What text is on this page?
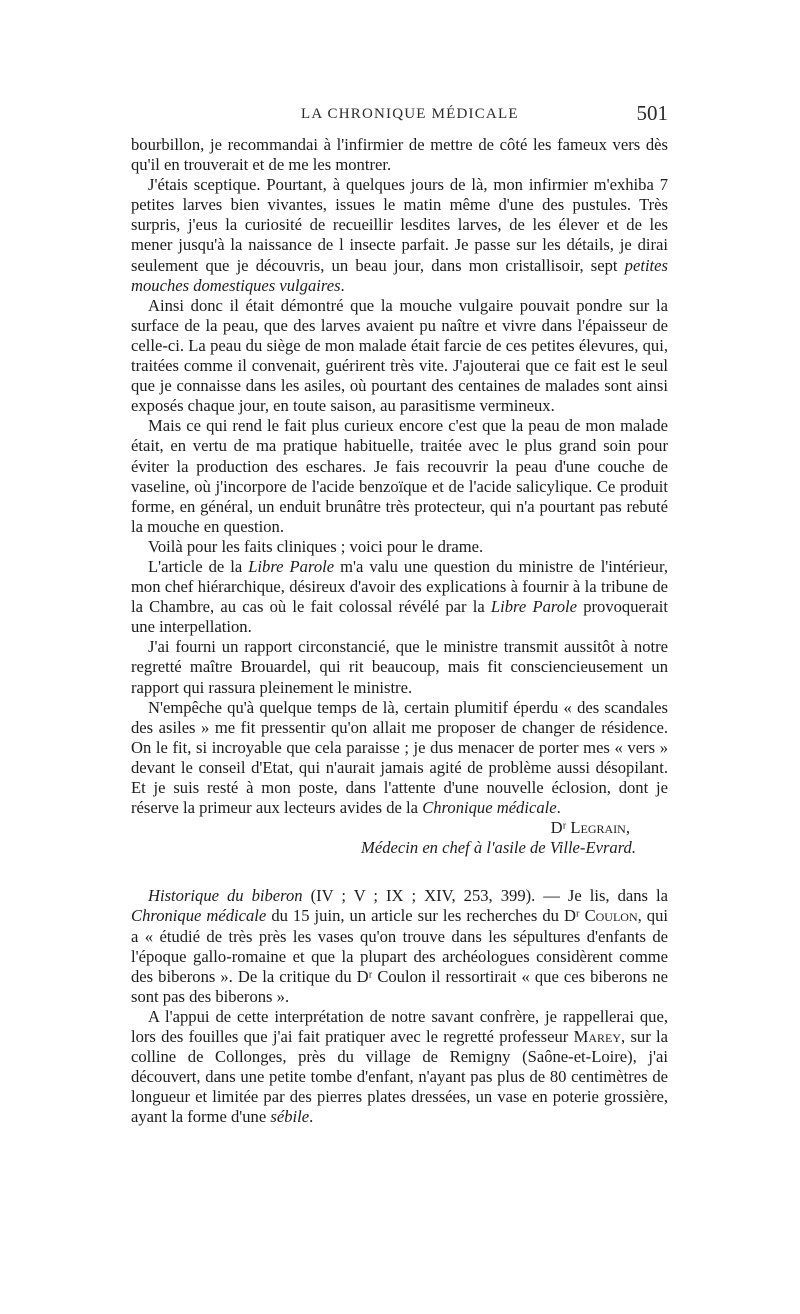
LA CHRONIQUE MÉDICALE	501

bourbillon, je recommandai à l'infirmier de mettre de côté les fameux vers dès qu'il en trouverait et de me les montrer.

J'étais sceptique. Pourtant, à quelques jours de là, mon infirmier m'exhiba 7 petites larves bien vivantes, issues le matin même d'une des pustules. Très surpris, j'eus la curiosité de recueillir lesdites larves, de les élever et de les mener jusqu'à la naissance de l insecte parfait. Je passe sur les détails, je dirai seulement que je découvris, un beau jour, dans mon cristallisoir, sept petites mouches domestiques vulgaires.

Ainsi donc il était démontré que la mouche vulgaire pouvait pondre sur la surface de la peau, que des larves avaient pu naître et vivre dans l'épaisseur de celle-ci. La peau du siège de mon malade était farcie de ces petites élevures, qui, traitées comme il convenait, guérirent très vite. J'ajouterai que ce fait est le seul que je connaisse dans les asiles, où pourtant des centaines de malades sont ainsi exposés chaque jour, en toute saison, au parasitisme vermineux.

Mais ce qui rend le fait plus curieux encore c'est que la peau de mon malade était, en vertu de ma pratique habituelle, traitée avec le plus grand soin pour éviter la production des eschares. Je fais recouvrir la peau d'une couche de vaseline, où j'incorpore de l'acide benzoïque et de l'acide salicylique. Ce produit forme, en général, un enduit brunâtre très protecteur, qui n'a pourtant pas rebuté la mouche en question.

Voilà pour les faits cliniques ; voici pour le drame.

L'article de la Libre Parole m'a valu une question du ministre de l'intérieur, mon chef hiérarchique, désireux d'avoir des explications à fournir à la tribune de la Chambre, au cas où le fait colossal révélé par la Libre Parole provoquerait une interpellation.

J'ai fourni un rapport circonstancié, que le ministre transmit aussitôt à notre regretté maître Brouardel, qui rit beaucoup, mais fit consciencieusement un rapport qui rassura pleinement le ministre.

N'empêche qu'à quelque temps de là, certain plumitif éperdu « des scandales des asiles » me fit pressentir qu'on allait me proposer de changer de résidence. On le fit, si incroyable que cela paraisse ; je dus menacer de porter mes « vers » devant le conseil d'Etat, qui n'aurait jamais agité de problème aussi désopilant. Et je suis resté à mon poste, dans l'attente d'une nouvelle éclosion, dont je réserve la primeur aux lecteurs avides de la Chronique médicale.

Dʳ Legrain,

Médecin en chef à l'asile de Ville-Evrard.

Historique du biberon (IV ; V ; IX ; XIV, 253, 399). — Je lis, dans la Chronique médicale du 15 juin, un article sur les recherches du Dʳ Coulon, qui a « étudié de très près les vases qu'on trouve dans les sépultures d'enfants de l'époque gallo-romaine et que la plupart des archéologues considèrent comme des biberons ». De la critique du Dʳ Coulon il ressortirait « que ces biberons ne sont pas des biberons ».

A l'appui de cette interprétation de notre savant confrère, je rappellerai que, lors des fouilles que j'ai fait pratiquer avec le regretté professeur Marey, sur la colline de Collonges, près du village de Remigny (Saône-et-Loire), j'ai découvert, dans une petite tombe d'enfant, n'ayant pas plus de 80 centimètres de longueur et limitée par des pierres plates dressées, un vase en poterie grossière, ayant la forme d'une sébile.
